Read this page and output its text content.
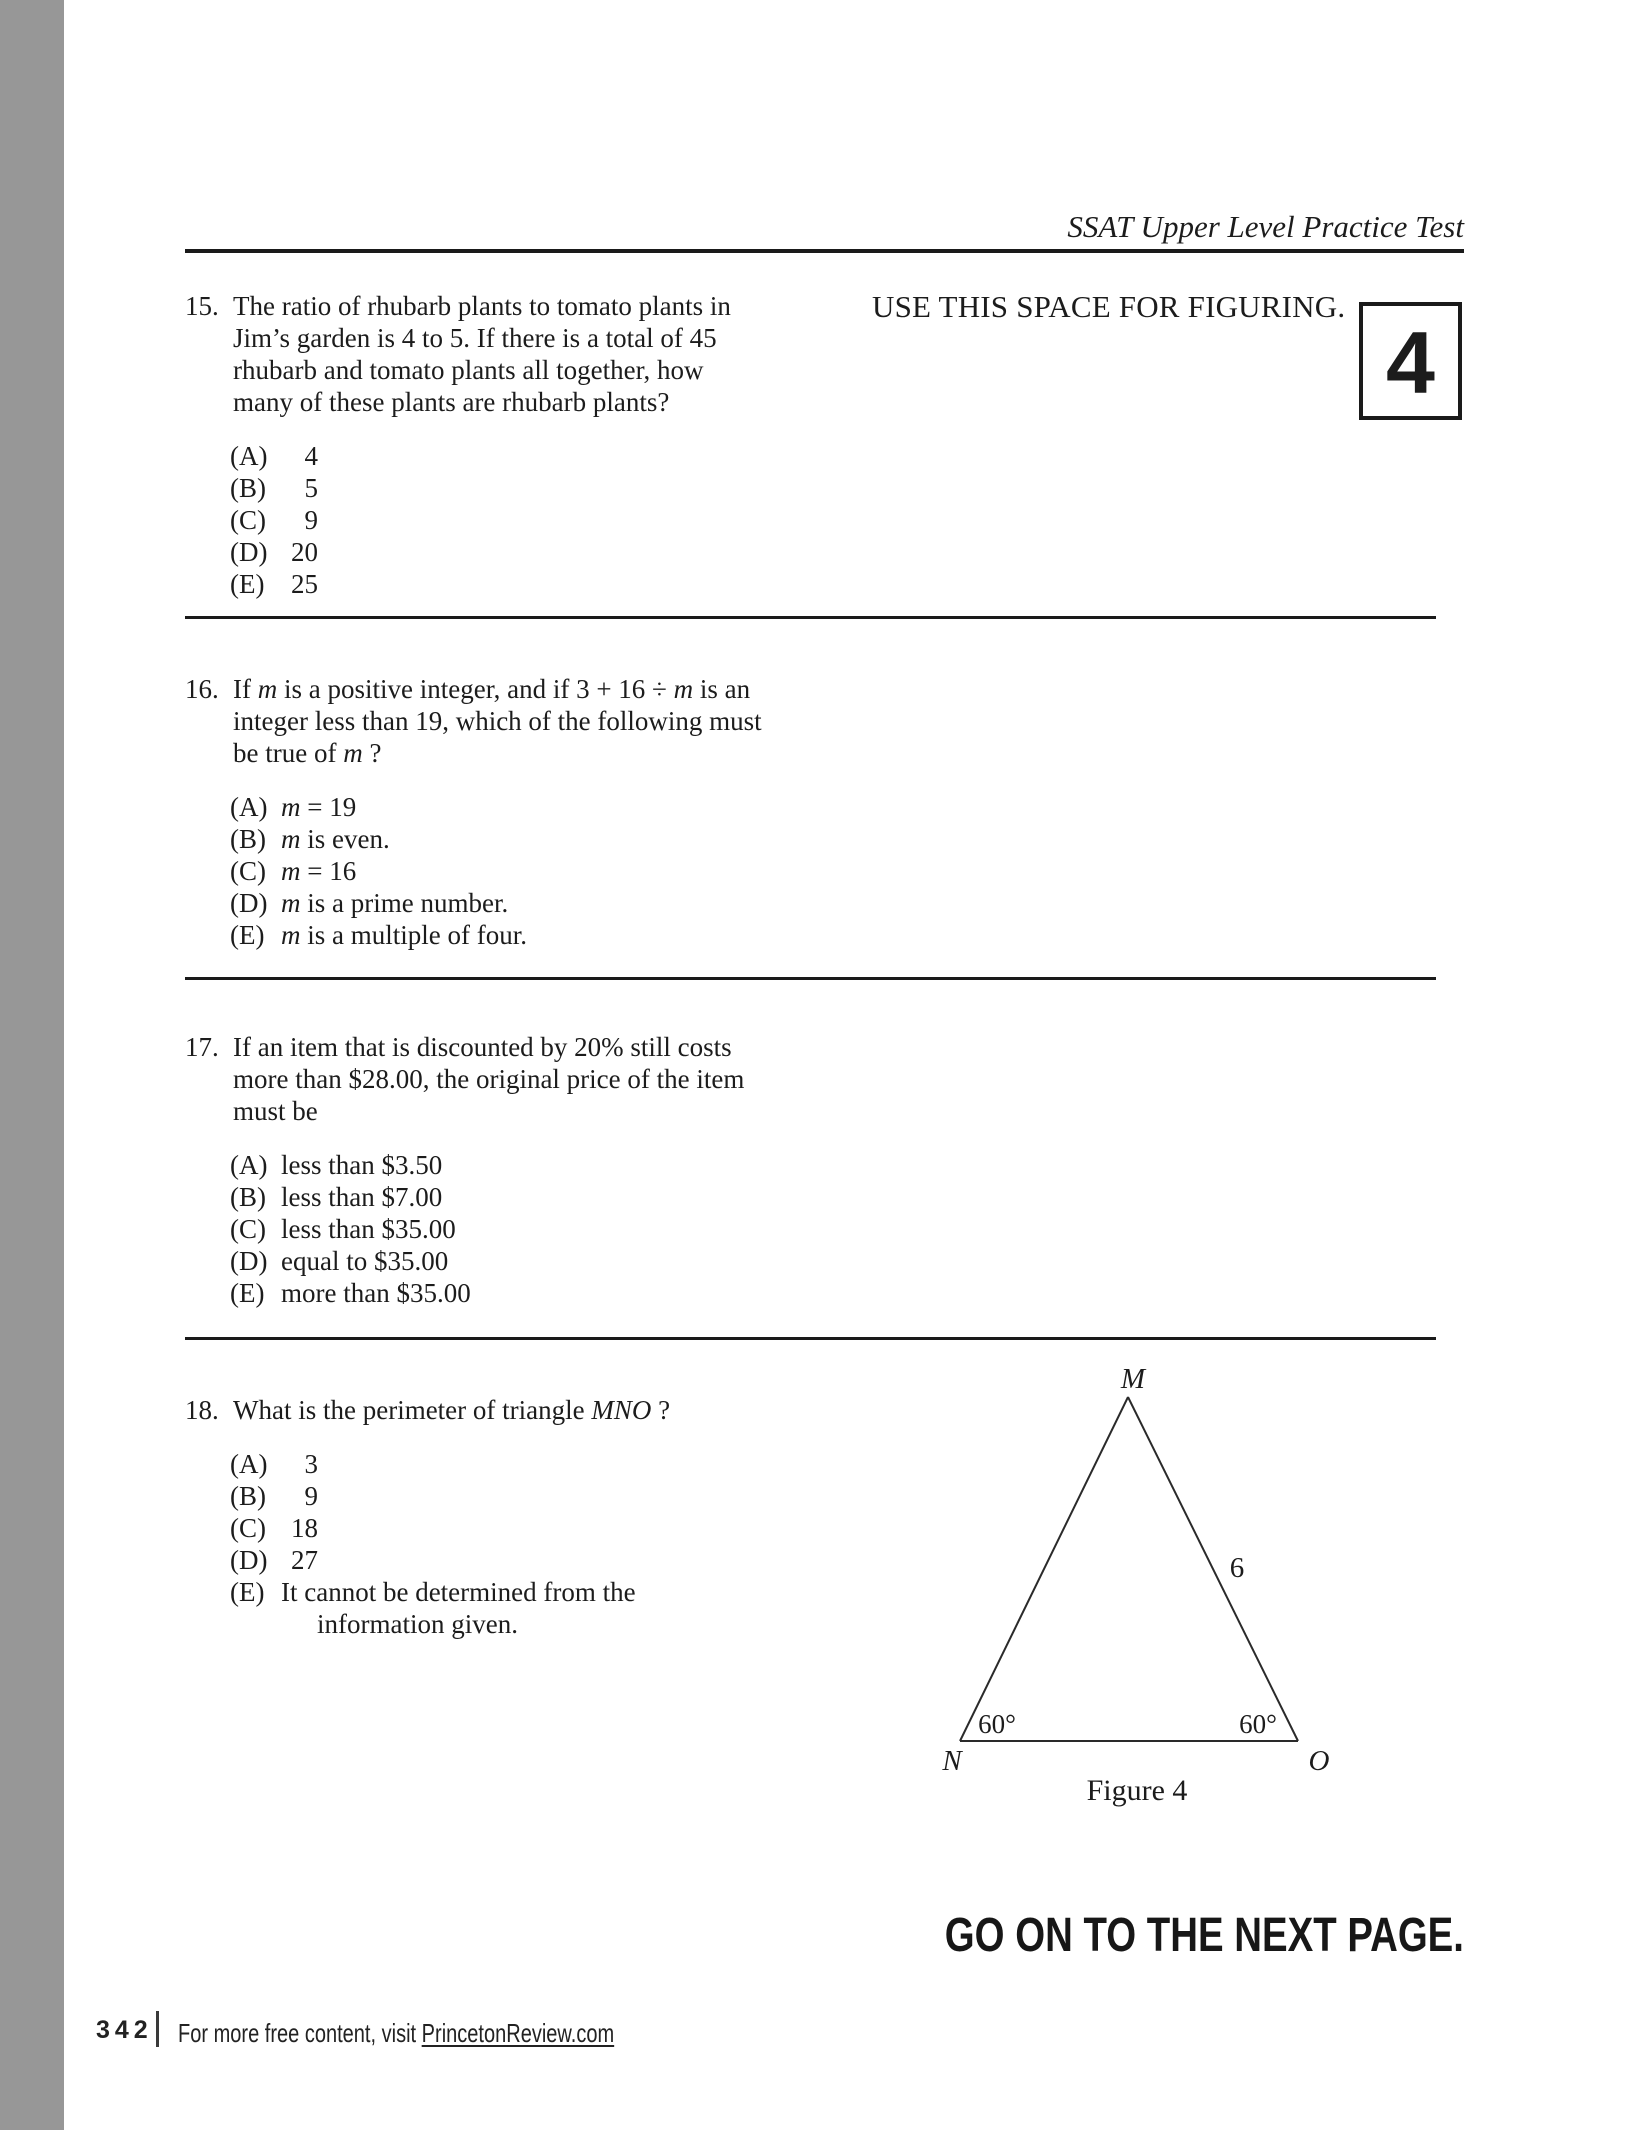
SSAT Upper Level Practice Test
USE THIS SPACE FOR FIGURING.
4
15. The ratio of rhubarb plants to tomato plants in
Jim’s garden is 4 to 5. If there is a total of 45
rhubarb and tomato plants all together, how
many of these plants are rhubarb plants?
(A)	4
(B)	5
(C)	9
(D) 20
(E) 25
16. If m is a positive integer, and if 3 + 16 ÷ m is an
integer less than 19, which of the following must
be true of m ?
(A) m = 19
(B) m is even.
(C) m = 16
(D) m is a prime number.
(E) m is a multiple of four.
17. If an item that is discounted by 20% still costs
more than $28.00, the original price of the item
must be
(A) less than $3.50
(B) less than $7.00
(C) less than $35.00
(D) equal to $35.00
(E) more than $35.00
18. What is the perimeter of triangle MNO ?
(A)	3
(B)	9
(C) 18
(D) 27
(E) It cannot be determined from the
information given.
M
N	O
6
60°	60°
Figure 4
GO ON TO THE NEXT PAGE.
342 For more free content, visit PrincetonReview.com
